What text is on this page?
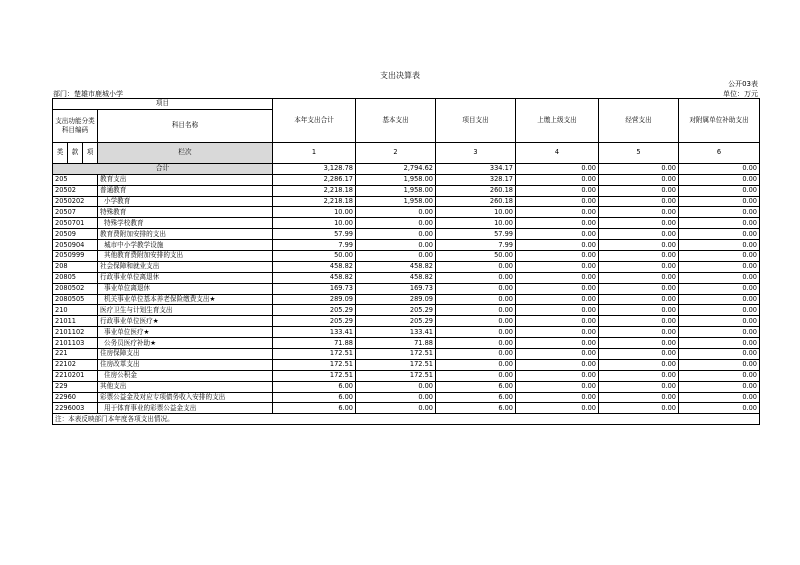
支出决算表
公开03表
部门：楚雄市鹿城小学	单位：万元
项目				本年支出合计	基本支出	项目支出	上缴上级支出	经营支出	对附属单位补助支出
支出功能分类科目编码			科目名称						

类	款	项							
			栏次	1	2	3	4	5	6
合计				3,128.78	2,794.62	334.17	0.00	0.00	0.00
205			教育支出	2,286.17	1,958.00	328.17	0.00	0.00	0.00
20502			普通教育	2,218.18	1,958.00	260.18	0.00	0.00	0.00
2050202			小学教育	2,218.18	1,958.00	260.18	0.00	0.00	0.00
20507			特殊教育	10.00	0.00	10.00	0.00	0.00	0.00
2050701			特殊学校教育	10.00	0.00	10.00	0.00	0.00	0.00
20509			教育费附加安排的支出	57.99	0.00	57.99	0.00	0.00	0.00
2050904			城市中小学教学设施	7.99	0.00	7.99	0.00	0.00	0.00
2050999			其他教育费附加安排的支出	50.00	0.00	50.00	0.00	0.00	0.00
208			社会保障和就业支出	458.82	458.82	0.00	0.00	0.00	0.00
20805			行政事业单位离退休	458.82	458.82	0.00	0.00	0.00	0.00
2080502			事业单位离退休	169.73	169.73	0.00	0.00	0.00	0.00
2080505			机关事业单位基本养老保险缴费支出★	289.09	289.09	0.00	0.00	0.00	0.00
210			医疗卫生与计划生育支出	205.29	205.29	0.00	0.00	0.00	0.00
21011			行政事业单位医疗★	205.29	205.29	0.00	0.00	0.00	0.00
2101102			事业单位医疗★	133.41	133.41	0.00	0.00	0.00	0.00
2101103			公务员医疗补助★	71.88	71.88	0.00	0.00	0.00	0.00
221			住房保障支出	172.51	172.51	0.00	0.00	0.00	0.00
22102			住房改革支出	172.51	172.51	0.00	0.00	0.00	0.00
2210201			住房公积金	172.51	172.51	0.00	0.00	0.00	0.00
229			其他支出	6.00	0.00	6.00	0.00	0.00	0.00
22960			彩票公益金及对应专项债务收入安排的支出	6.00	0.00	6.00	0.00	0.00	0.00
2296003			用于体育事业的彩票公益金支出	6.00	0.00	6.00	0.00	0.00	0.00
注：本表反映部门本年度各项支出情况。									
